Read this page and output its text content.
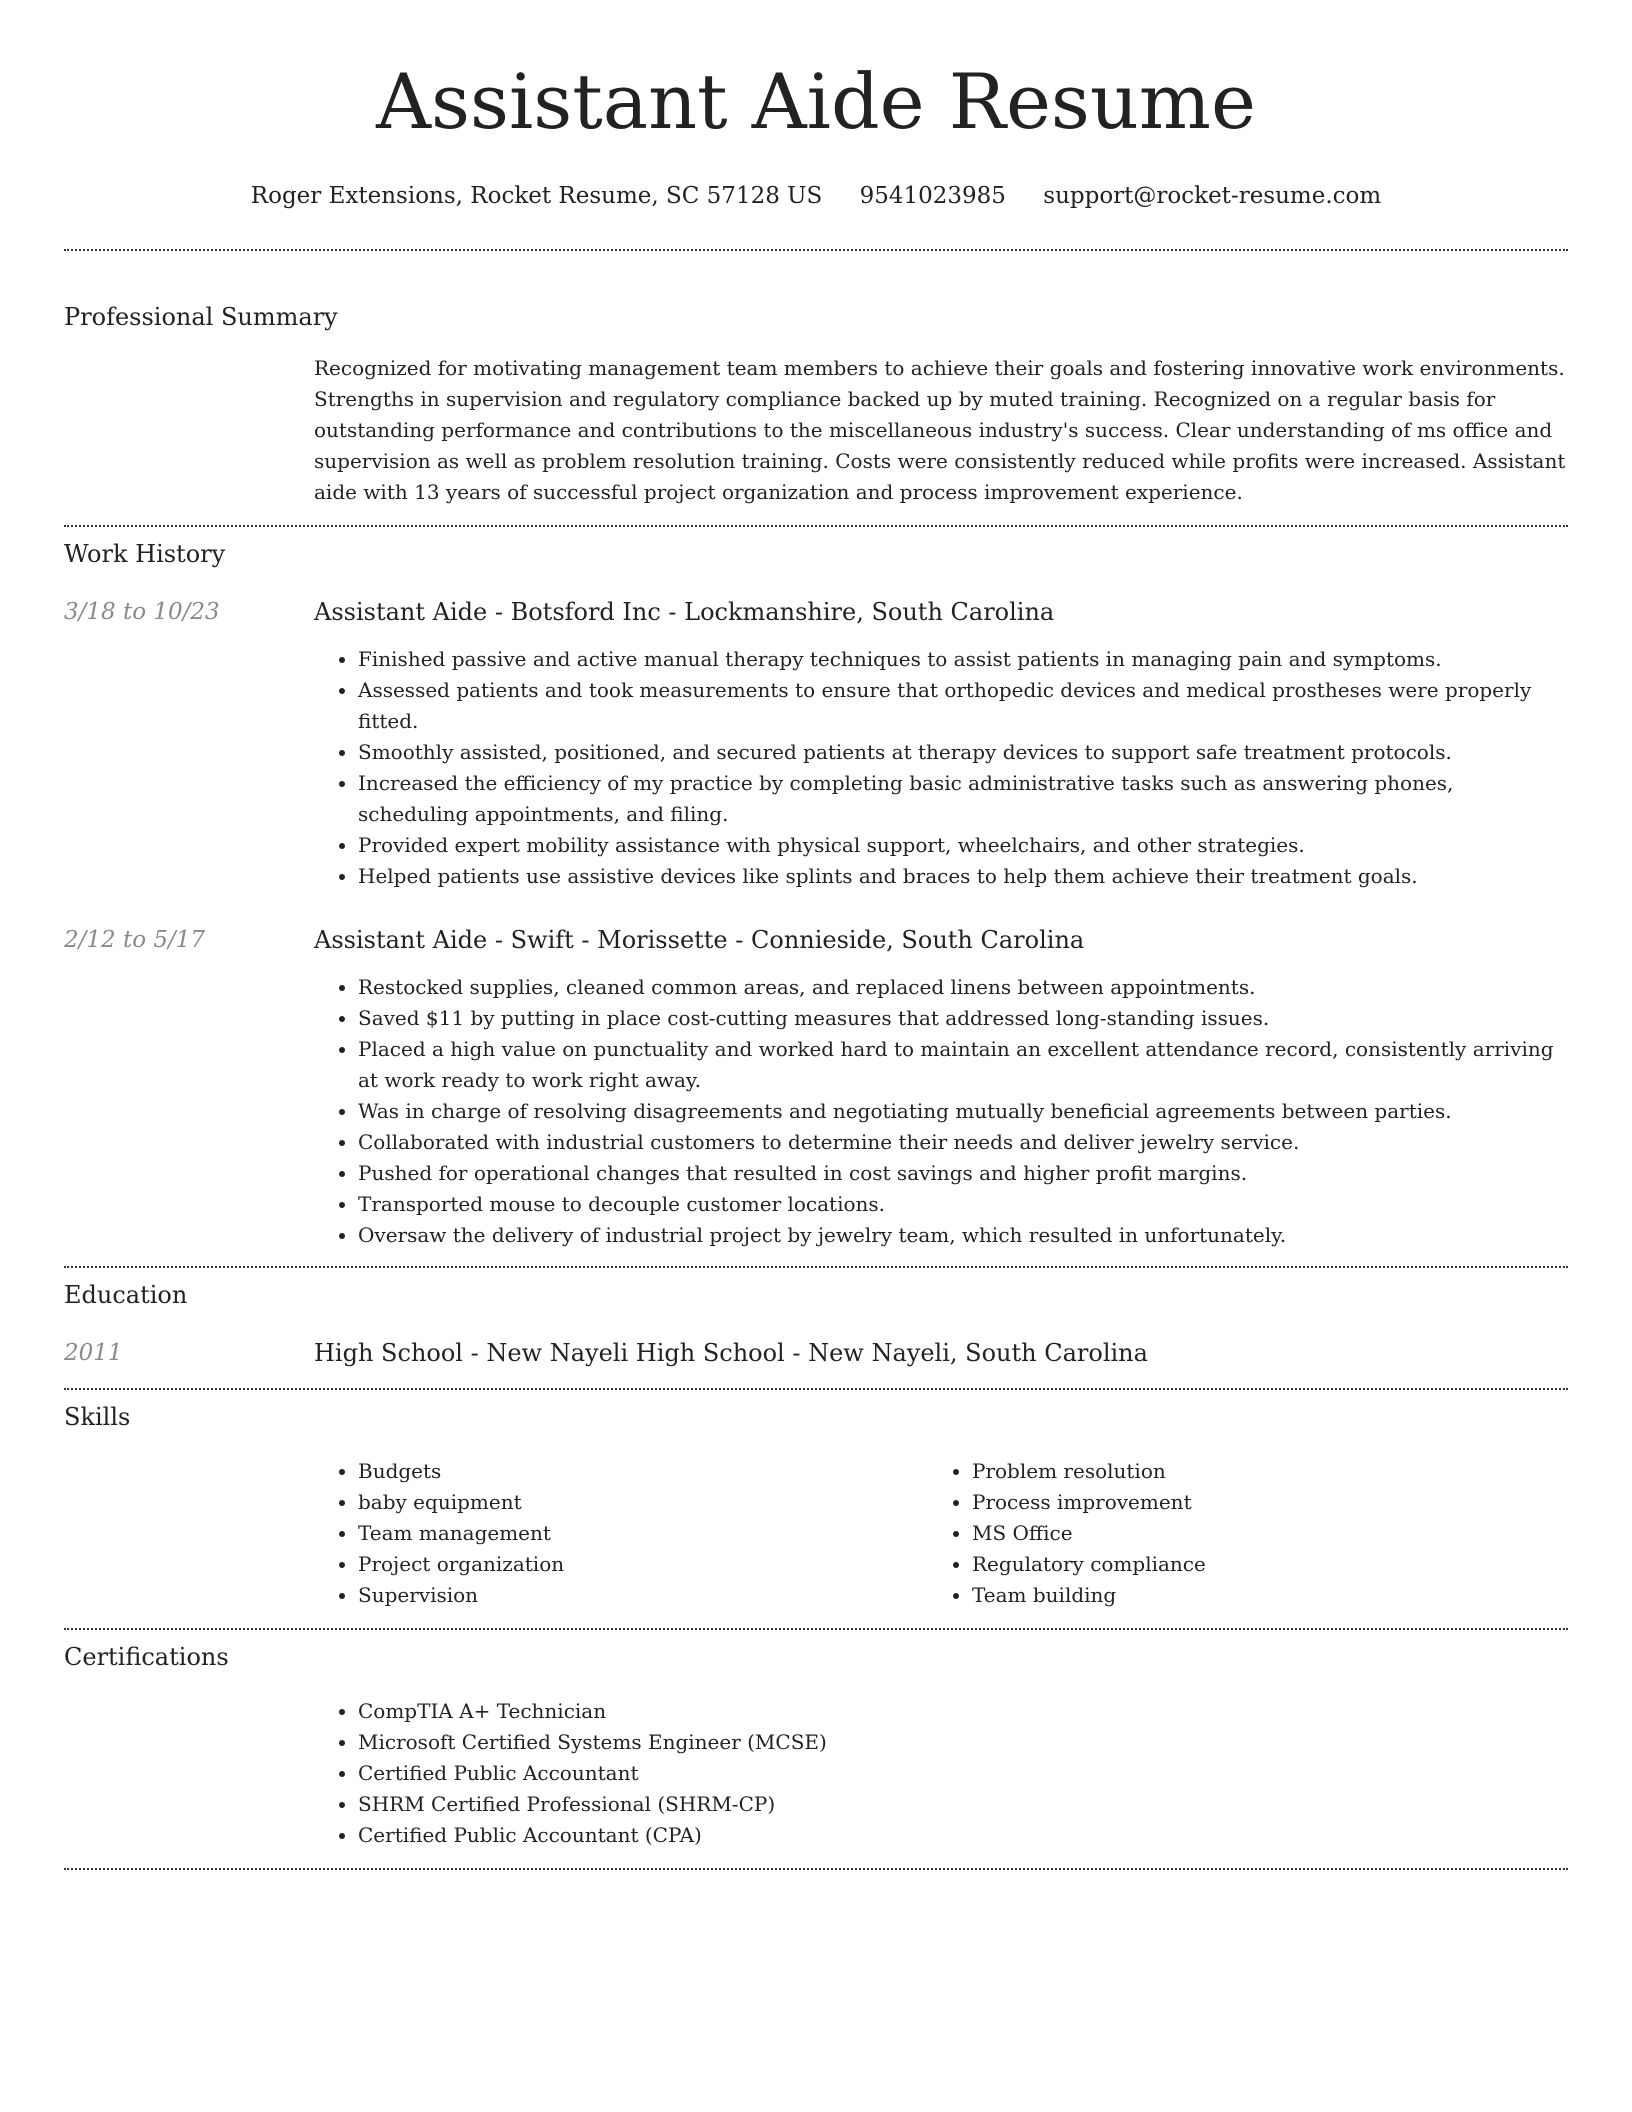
Assistant Aide Resume
Roger Extensions, Rocket Resume, SC 57128 US 9541023985 support@rocket-resume.com
Professional Summary
Recognized for motivating management team members to achieve their goals and fostering innovative work environments. Strengths in supervision and regulatory compliance backed up by muted training. Recognized on a regular basis for outstanding performance and contributions to the miscellaneous industry's success. Clear understanding of ms office and supervision as well as problem resolution training. Costs were consistently reduced while profits were increased. Assistant aide with 13 years of successful project organization and process improvement experience.
Work History
3/18 to 10/23	Assistant Aide - Botsford Inc - Lockmanshire, South Carolina
• Finished passive and active manual therapy techniques to assist patients in managing pain and symptoms.
• Assessed patients and took measurements to ensure that orthopedic devices and medical prostheses were properly fitted.
• Smoothly assisted, positioned, and secured patients at therapy devices to support safe treatment protocols.
• Increased the efficiency of my practice by completing basic administrative tasks such as answering phones, scheduling appointments, and filing.
• Provided expert mobility assistance with physical support, wheelchairs, and other strategies.
• Helped patients use assistive devices like splints and braces to help them achieve their treatment goals.
2/12 to 5/17	Assistant Aide - Swift - Morissette - Connieside, South Carolina
• Restocked supplies, cleaned common areas, and replaced linens between appointments.
• Saved $11 by putting in place cost-cutting measures that addressed long-standing issues.
• Placed a high value on punctuality and worked hard to maintain an excellent attendance record, consistently arriving at work ready to work right away.
• Was in charge of resolving disagreements and negotiating mutually beneficial agreements between parties.
• Collaborated with industrial customers to determine their needs and deliver jewelry service.
• Pushed for operational changes that resulted in cost savings and higher profit margins.
• Transported mouse to decouple customer locations.
• Oversaw the delivery of industrial project by jewelry team, which resulted in unfortunately.
Education
2011	High School - New Nayeli High School - New Nayeli, South Carolina
Skills
• Budgets
• baby equipment
• Team management
• Project organization
• Supervision
• Problem resolution
• Process improvement
• MS Office
• Regulatory compliance
• Team building
Certifications
• CompTIA A+ Technician
• Microsoft Certified Systems Engineer (MCSE)
• Certified Public Accountant
• SHRM Certified Professional (SHRM-CP)
• Certified Public Accountant (CPA)
